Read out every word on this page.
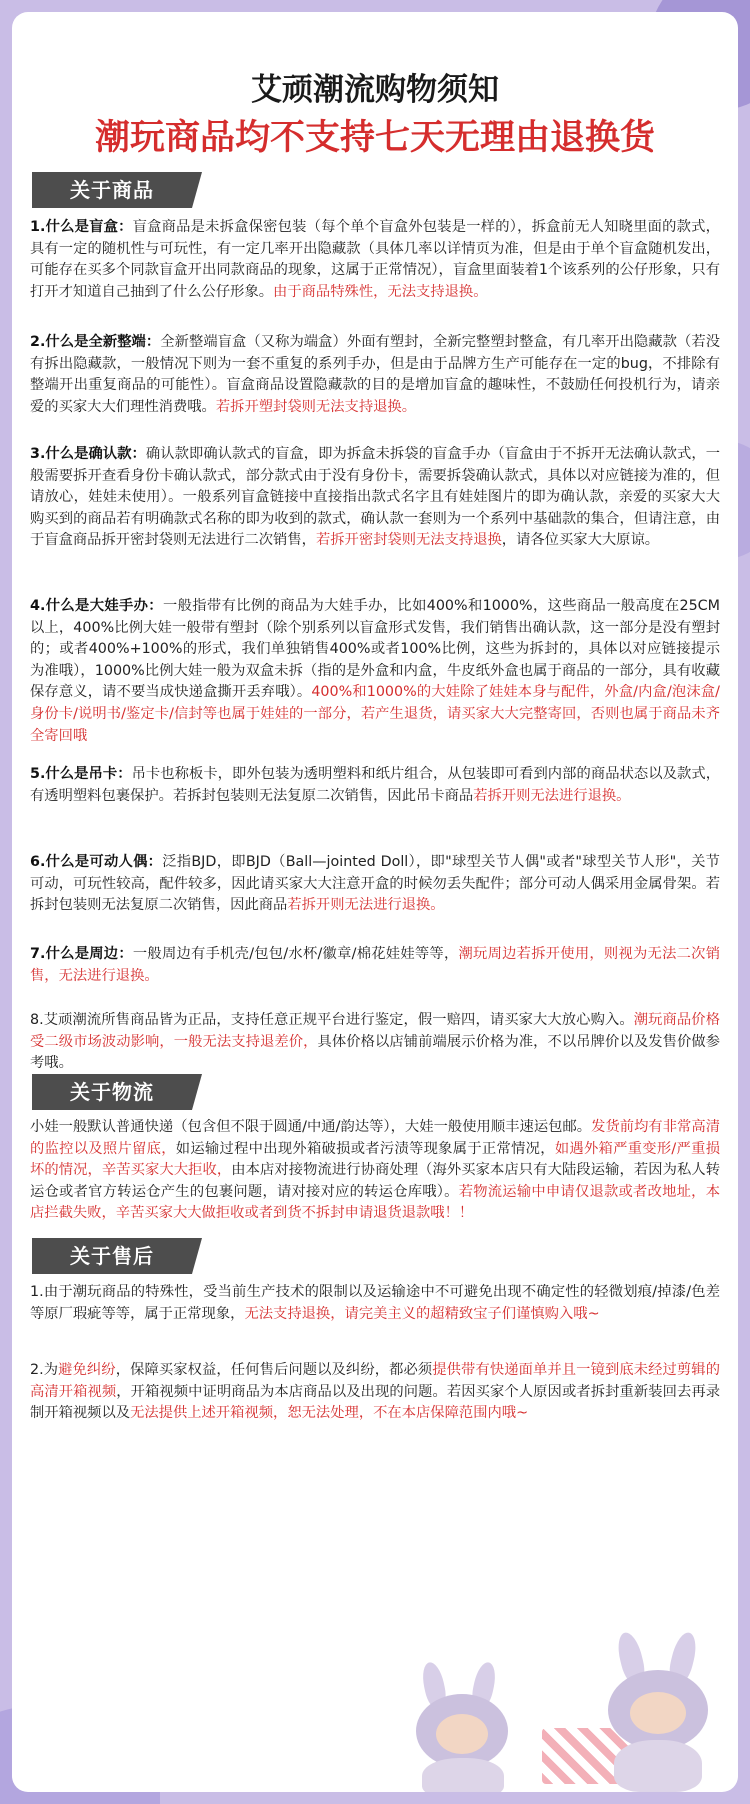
艾顽潮流购物须知
潮玩商品均不支持七天无理由退换货
关于商品
1.什么是盲盒：盲盒商品是未拆盒保密包装（每个单个盲盒外包装是一样的），拆盒前无人知晓里面的款式，具有一定的随机性与可玩性，有一定几率开出隐藏款（具体几率以详情页为准，但是由于单个盲盒随机发出，可能存在买多个同款盲盒开出同款商品的现象，这属于正常情况），盲盒里面装着1个该系列的公仔形象，只有打开才知道自己抽到了什么公仔形象。由于商品特殊性，无法支持退换。
2.什么是全新整端：全新整端盲盒（又称为端盒）外面有塑封，全新完整塑封整盒，有几率开出隐藏款（若没有拆出隐藏款，一般情况下则为一套不重复的系列手办，但是由于品牌方生产可能存在一定的bug，不排除有整端开出重复商品的可能性）。盲盒商品设置隐藏款的目的是增加盲盒的趣味性，不鼓励任何投机行为，请亲爱的买家大大们理性消费哦。若拆开塑封袋则无法支持退换。
3.什么是确认款：确认款即确认款式的盲盒，即为拆盒未拆袋的盲盒手办（盲盒由于不拆开无法确认款式，一般需要拆开查看身份卡确认款式，部分款式由于没有身份卡，需要拆袋确认款式，具体以对应链接为准的，但请放心，娃娃未使用）。一般系列盲盒链接中直接指出款式名字且有娃娃图片的即为确认款，亲爱的买家大大购买到的商品若有明确款式名称的即为收到的款式，确认款一套则为一个系列中基础款的集合，但请注意，由于盲盒商品拆开密封袋则无法进行二次销售，若拆开密封袋则无法支持退换，请各位买家大大原谅。
4.什么是大娃手办：一般指带有比例的商品为大娃手办，比如400%和1000%，这些商品一般高度在25CM以上，400%比例大娃一般带有塑封（除个别系列以盲盒形式发售，我们销售出确认款，这一部分是没有塑封的；或者400%+100%的形式，我们单独销售400%或者100%比例，这些为拆封的，具体以对应链接提示为准哦），1000%比例大娃一般为双盒未拆（指的是外盒和内盒，牛皮纸外盒也属于商品的一部分，具有收藏保存意义，请不要当成快递盒撕开丢弃哦）。400%和1000%的大娃除了娃娃本身与配件，外盒/内盒/泡沫盒/身份卡/说明书/鉴定卡/信封等也属于娃娃的一部分，若产生退货，请买家大大完整寄回，否则也属于商品未齐全寄回哦
5.什么是吊卡：吊卡也称板卡，即外包装为透明塑料和纸片组合，从包装即可看到内部的商品状态以及款式，有透明塑料包裹保护。若拆封包装则无法复原二次销售，因此吊卡商品若拆开则无法进行退换。
6.什么是可动人偶：泛指BJD，即BJD（Ball—jointed Doll），即"球型关节人偶"或者"球型关节人形"，关节可动，可玩性较高，配件较多，因此请买家大大注意开盒的时候勿丢失配件；部分可动人偶采用金属骨架。若拆封包装则无法复原二次销售，因此商品若拆开则无法进行退换。
7.什么是周边：一般周边有手机壳/包包/水杯/徽章/棉花娃娃等等，潮玩周边若拆开使用，则视为无法二次销售，无法进行退换。
8.艾顽潮流所售商品皆为正品，支持任意正规平台进行鉴定，假一赔四，请买家大大放心购入。潮玩商品价格受二级市场波动影响，一般无法支持退差价，具体价格以店铺前端展示价格为准，不以吊牌价以及发售价做参考哦。
关于物流
小娃一般默认普通快递（包含但不限于圆通/中通/韵达等），大娃一般使用顺丰速运包邮。发货前均有非常高清的监控以及照片留底，如运输过程中出现外箱破损或者污渍等现象属于正常情况，如遇外箱严重变形/严重损坏的情况，辛苦买家大大拒收，由本店对接物流进行协商处理（海外买家本店只有大陆段运输，若因为私人转运仓或者官方转运仓产生的包裹问题，请对接对应的转运仓库哦）。若物流运输中申请仅退款或者改地址，本店拦截失败，辛苦买家大大做拒收或者到货不拆封申请退货退款哦！！
关于售后
1.由于潮玩商品的特殊性，受当前生产技术的限制以及运输途中不可避免出现不确定性的轻微划痕/掉漆/色差等原厂瑕疵等等，属于正常现象，无法支持退换，请完美主义的超精致宝子们谨慎购入哦~
2.为避免纠纷，保障买家权益，任何售后问题以及纠纷，都必须提供带有快递面单并且一镜到底未经过剪辑的高清开箱视频，开箱视频中证明商品为本店商品以及出现的问题。若因买家个人原因或者拆封重新装回去再录制开箱视频以及无法提供上述开箱视频，恕无法处理，不在本店保障范围内哦~
